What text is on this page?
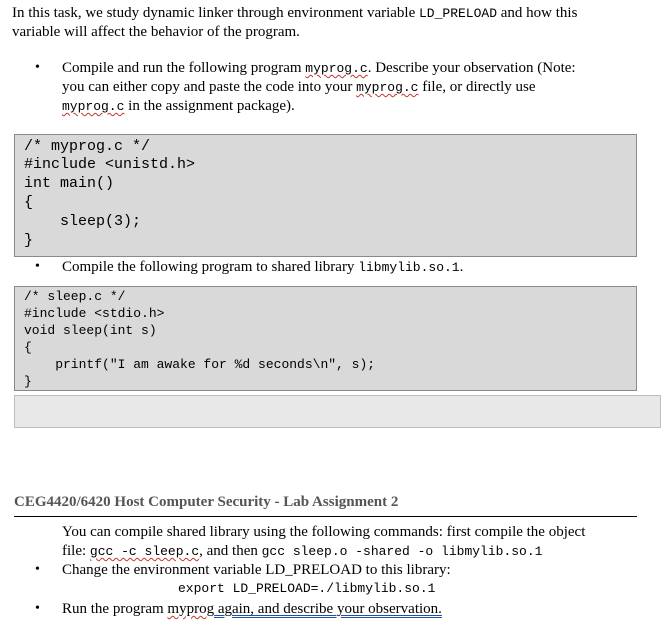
In this task, we study dynamic linker through environment variable LD_PRELOAD and how this
variable will affect the behavior of the program.
• Compile and run the following program myprog.c. Describe your observation (Note:
you can either copy and paste the code into your myprog.c file, or directly use
myprog.c in the assignment package).
/* myprog.c */
#include <unistd.h>
int main()
{
sleep(3);
}
• Compile the following program to shared library libmylib.so.1.
/* sleep.c */
#include <stdio.h>
void sleep(int s)
{
printf("I am awake for %d seconds\n", s);
}
CEG4420/6420 Host Computer Security - Lab Assignment 2
You can compile shared library using the following commands: first compile the object
file: gcc -c sleep.c, and then gcc sleep.o -shared -o libmylib.so.1
• Change the environment variable LD_PRELOAD to this library:
export LD_PRELOAD=./libmylib.so.1
• Run the program myprog again, and describe your observation.
